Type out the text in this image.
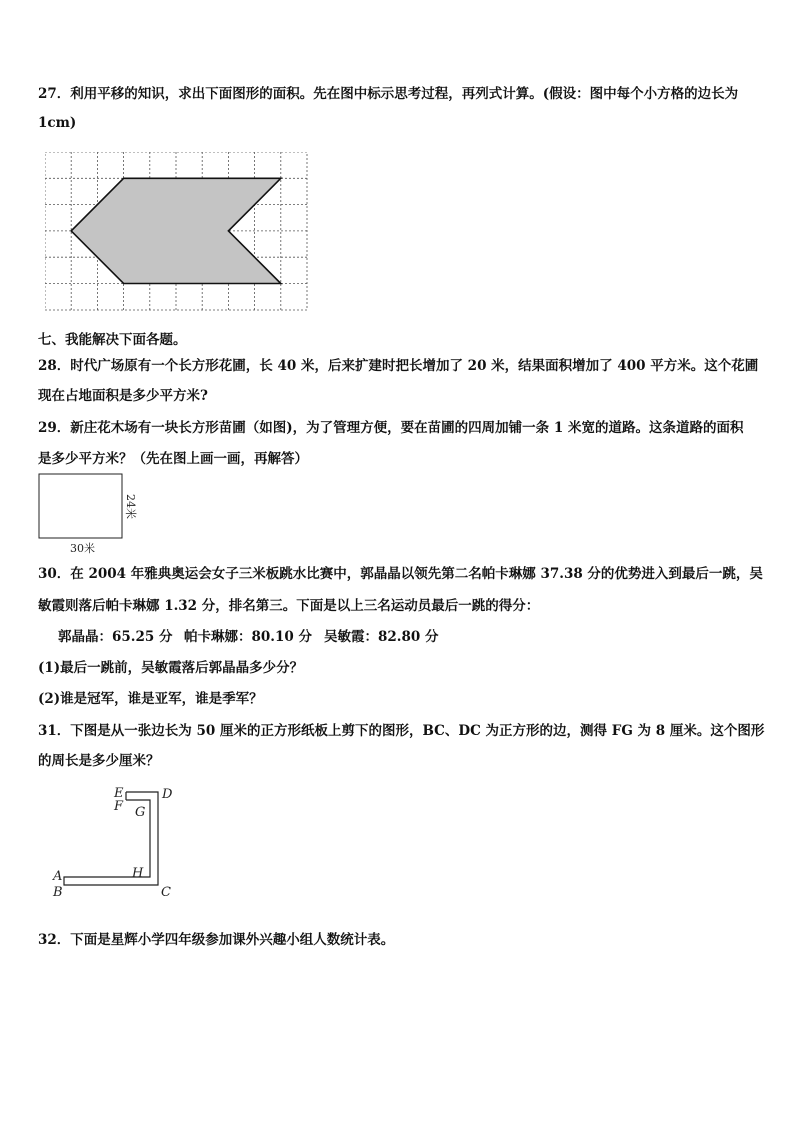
27．利用平移的知识，求出下面图形的面积。先在图中标示思考过程，再列式计算。(假设：图中每个小方格的边长为
1cm)
七、我能解决下面各题。
28．时代广场原有一个长方形花圃，长 40 米，后来扩建时把长增加了 20 米，结果面积增加了 400 平方米。这个花圃
现在占地面积是多少平方米?
29．新庄花木场有一块长方形苗圃（如图)，为了管理方便，要在苗圃的四周加铺一条 1 米宽的道路。这条道路的面积
是多少平方米？（先在图上画一画，再解答）
24米
30米
30．在 2004 年雅典奥运会女子三米板跳水比赛中，郭晶晶以领先第二名帕卡琳娜 37.38 分的优势进入到最后一跳，吴
敏霞则落后帕卡琳娜 1.32 分，排名第三。下面是以上三名运动员最后一跳的得分：
郭晶晶：65.25 分 帕卡琳娜：80.10 分 吴敏霞：82.80 分
(1)最后一跳前，吴敏霞落后郭晶晶多少分？
(2)谁是冠军，谁是亚军，谁是季军？
31．下图是从一张边长为 50 厘米的正方形纸板上剪下的图形，BC、DC 为正方形的边，测得 FG 为 8 厘米。这个图形
的周长是多少厘米？
E
F
D
G
H
A
B	C
32．下面是星辉小学四年级参加课外兴趣小组人数统计表。
